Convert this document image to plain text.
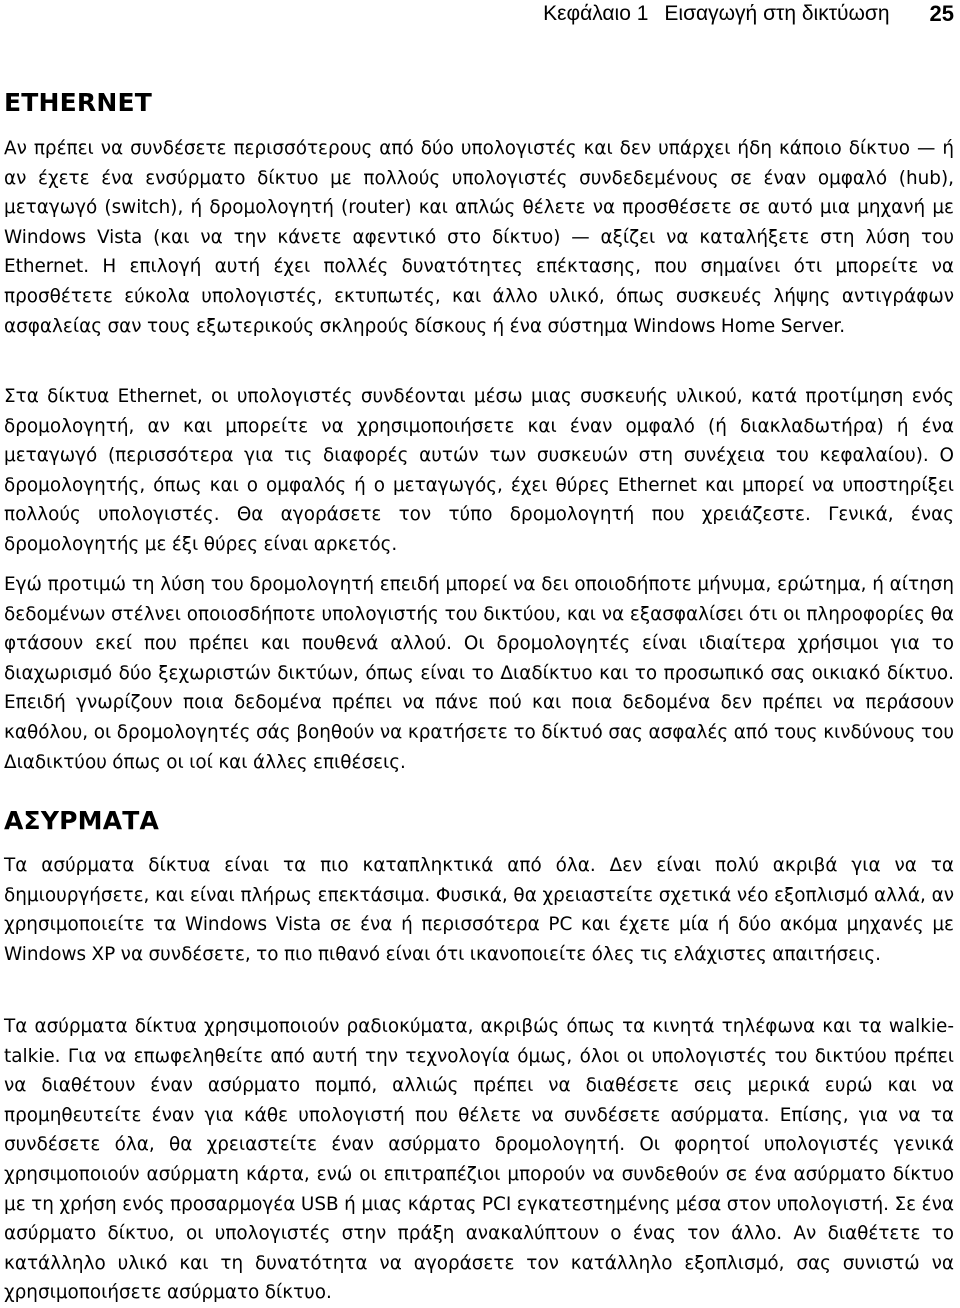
Κεφάλαιο 1 Εισαγωγή στη δικτύωση 25
ETHERNET

Αν πρέπει να συνδέσετε περισσότερους από δύο υπολογιστές και δεν υπάρχει ήδη κάποιο δίκτυο — ή αν έχετε ένα ενσύρματο δίκτυο με πολλούς υπολογιστές συνδεδεμένους σε έναν ομφαλό (hub), μεταγωγό (switch), ή δρομολογητή (router) και απλώς θέλετε να προσθέσετε σε αυτό μια μηχανή με Windows Vista (και να την κάνετε αφεντικό στο δίκτυο) — αξίζει να καταλήξετε στη λύση του Ethernet. Η επιλογή αυτή έχει πολλές δυνατότητες επέκτασης, που σημαίνει ότι μπορείτε να προσθέτετε εύκολα υπολογιστές, εκτυπωτές, και άλλο υλικό, όπως συσκευές λήψης αντιγράφων ασφαλείας σαν τους εξωτερικούς σκληρούς δίσκους ή ένα σύστημα Windows Home Server.

Στα δίκτυα Ethernet, οι υπολογιστές συνδέονται μέσω μιας συσκευής υλικού, κατά προτίμηση ενός δρομολογητή, αν και μπορείτε να χρησιμοποιήσετε και έναν ομφαλό (ή διακλαδωτήρα) ή ένα μεταγωγό (περισσότερα για τις διαφορές αυτών των συσκευών στη συνέχεια του κεφαλαίου). Ο δρομολογητής, όπως και ο ομφαλός ή ο μεταγωγός, έχει θύρες Ethernet και μπορεί να υποστηρίξει πολλούς υπολογιστές. Θα αγοράσετε τον τύπο δρομολογητή που χρειάζεστε. Γενικά, ένας δρομολογητής με έξι θύρες είναι αρκετός.

Εγώ προτιμώ τη λύση του δρομολογητή επειδή μπορεί να δει οποιοδήποτε μήνυμα, ερώτημα, ή αίτηση δεδομένων στέλνει οποιοσδήποτε υπολογιστής του δικτύου, και να εξασφαλίσει ότι οι πληροφορίες θα φτάσουν εκεί που πρέπει και πουθενά αλλού. Οι δρομολογητές είναι ιδιαίτερα χρήσιμοι για το διαχωρισμό δύο ξεχωριστών δικτύων, όπως είναι το Διαδίκτυο και το προσωπικό σας οικιακό δίκτυο. Επειδή γνωρίζουν ποια δεδομένα πρέπει να πάνε πού και ποια δεδομένα δεν πρέπει να περάσουν καθόλου, οι δρομολογητές σάς βοηθούν να κρατήσετε το δίκτυό σας ασφαλές από τους κινδύνους του Διαδικτύου όπως οι ιοί και άλλες επιθέσεις.

ΑΣΥΡΜΑΤΑ

Τα ασύρματα δίκτυα είναι τα πιο καταπληκτικά από όλα. Δεν είναι πολύ ακριβά για να τα δημιουργήσετε, και είναι πλήρως επεκτάσιμα. Φυσικά, θα χρειαστείτε σχετικά νέο εξοπλισμό αλλά, αν χρησιμοποιείτε τα Windows Vista σε ένα ή περισσότερα PC και έχετε μία ή δύο ακόμα μηχανές με Windows XP να συνδέσετε, το πιο πιθανό είναι ότι ικανοποιείτε όλες τις ελάχιστες απαιτήσεις.

Τα ασύρματα δίκτυα χρησιμοποιούν ραδιοκύματα, ακριβώς όπως τα κινητά τηλέφωνα και τα walkie-talkie. Για να επωφεληθείτε από αυτή την τεχνολογία όμως, όλοι οι υπολογιστές του δικτύου πρέπει να διαθέτουν έναν ασύρματο πομπό, αλλιώς πρέπει να διαθέσετε σεις μερικά ευρώ και να προμηθευτείτε έναν για κάθε υπολογιστή που θέλετε να συνδέσετε ασύρματα. Επίσης, για να τα συνδέσετε όλα, θα χρειαστείτε έναν ασύρματο δρομολογητή. Οι φορητοί υπολογιστές γενικά χρησιμοποιούν ασύρματη κάρτα, ενώ οι επιτραπέζιοι μπορούν να συνδεθούν σε ένα ασύρματο δίκτυο με τη χρήση ενός προσαρμογέα USB ή μιας κάρτας PCI εγκατεστημένης μέσα στον υπολογιστή. Σε ένα ασύρματο δίκτυο, οι υπολογιστές στην πράξη ανακαλύπτουν ο ένας τον άλλο. Αν διαθέτετε το κατάλληλο υλικό και τη δυνατότητα να αγοράσετε τον κατάλληλο εξοπλισμό, σας συνιστώ να χρησιμοποιήσετε ασύρματο δίκτυο.
